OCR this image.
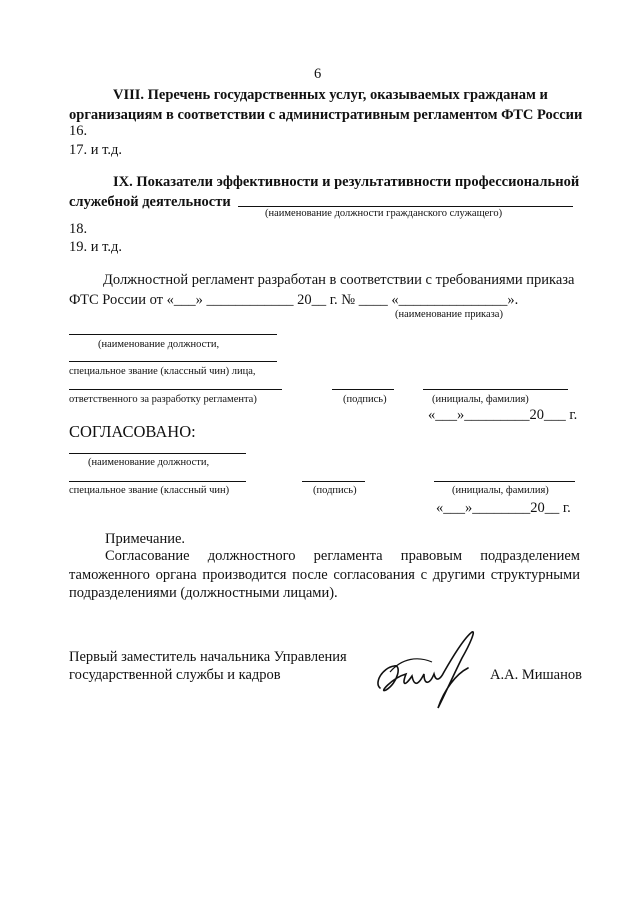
6
VIII. Перечень государственных услуг, оказываемых гражданам и
организациям в соответствии с административным регламентом ФТС России
16.
17. и т.д.
IX. Показатели эффективности и результативности профессиональной
служебной деятельности
(наименование должности гражданского служащего)
18.
19. и т.д.
Должностной регламент разработан в соответствии с требованиями приказа
ФТС России от «___» ____________ 20__ г. № ____ «_______________».
(наименование приказа)
(наименование должности,
специальное звание (классный чин) лица,
ответственного за разработку регламента)	(подпись)	(инициалы, фамилия)
«___»_________20___ г.
СОГЛАСОВАНО:
(наименование должности,
специальное звание (классный чин)	(подпись)	(инициалы, фамилия)
«___»________20__ г.
Примечание.
Согласование должностного регламента правовым подразделением таможенного органа производится после согласования с другими структурными подразделениями (должностными лицами).
Первый заместитель начальника Управления
государственной службы и кадров	А.А. Мишанов
